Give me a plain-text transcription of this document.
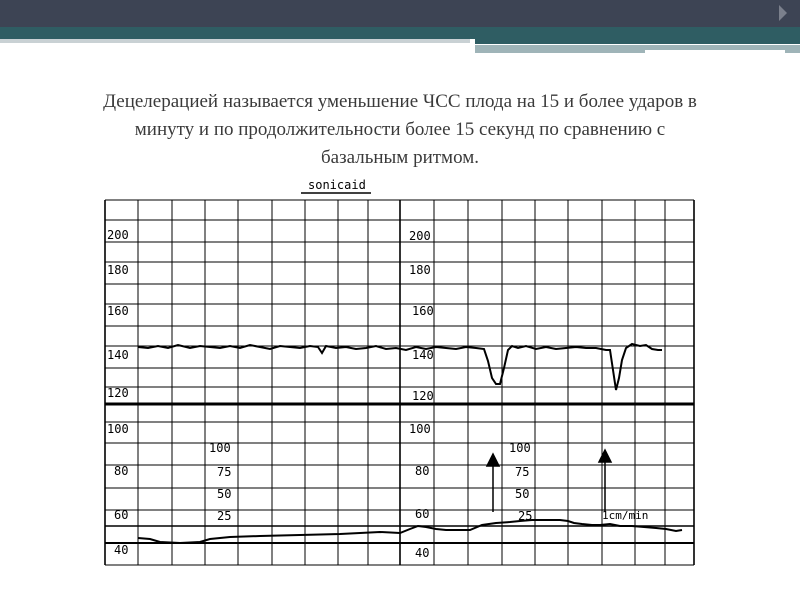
Децелерацией называется уменьшение ЧСС плода на 15 и более ударов в
минуту и по продолжительности более 15 секунд по сравнению с
базальным ритмом.
sonicaid
200
180
160
140
120
200
180
160
140
120
100
80
60
40
100
80
60
40
100
75
50
25
100
75
50
25	1cm/min
